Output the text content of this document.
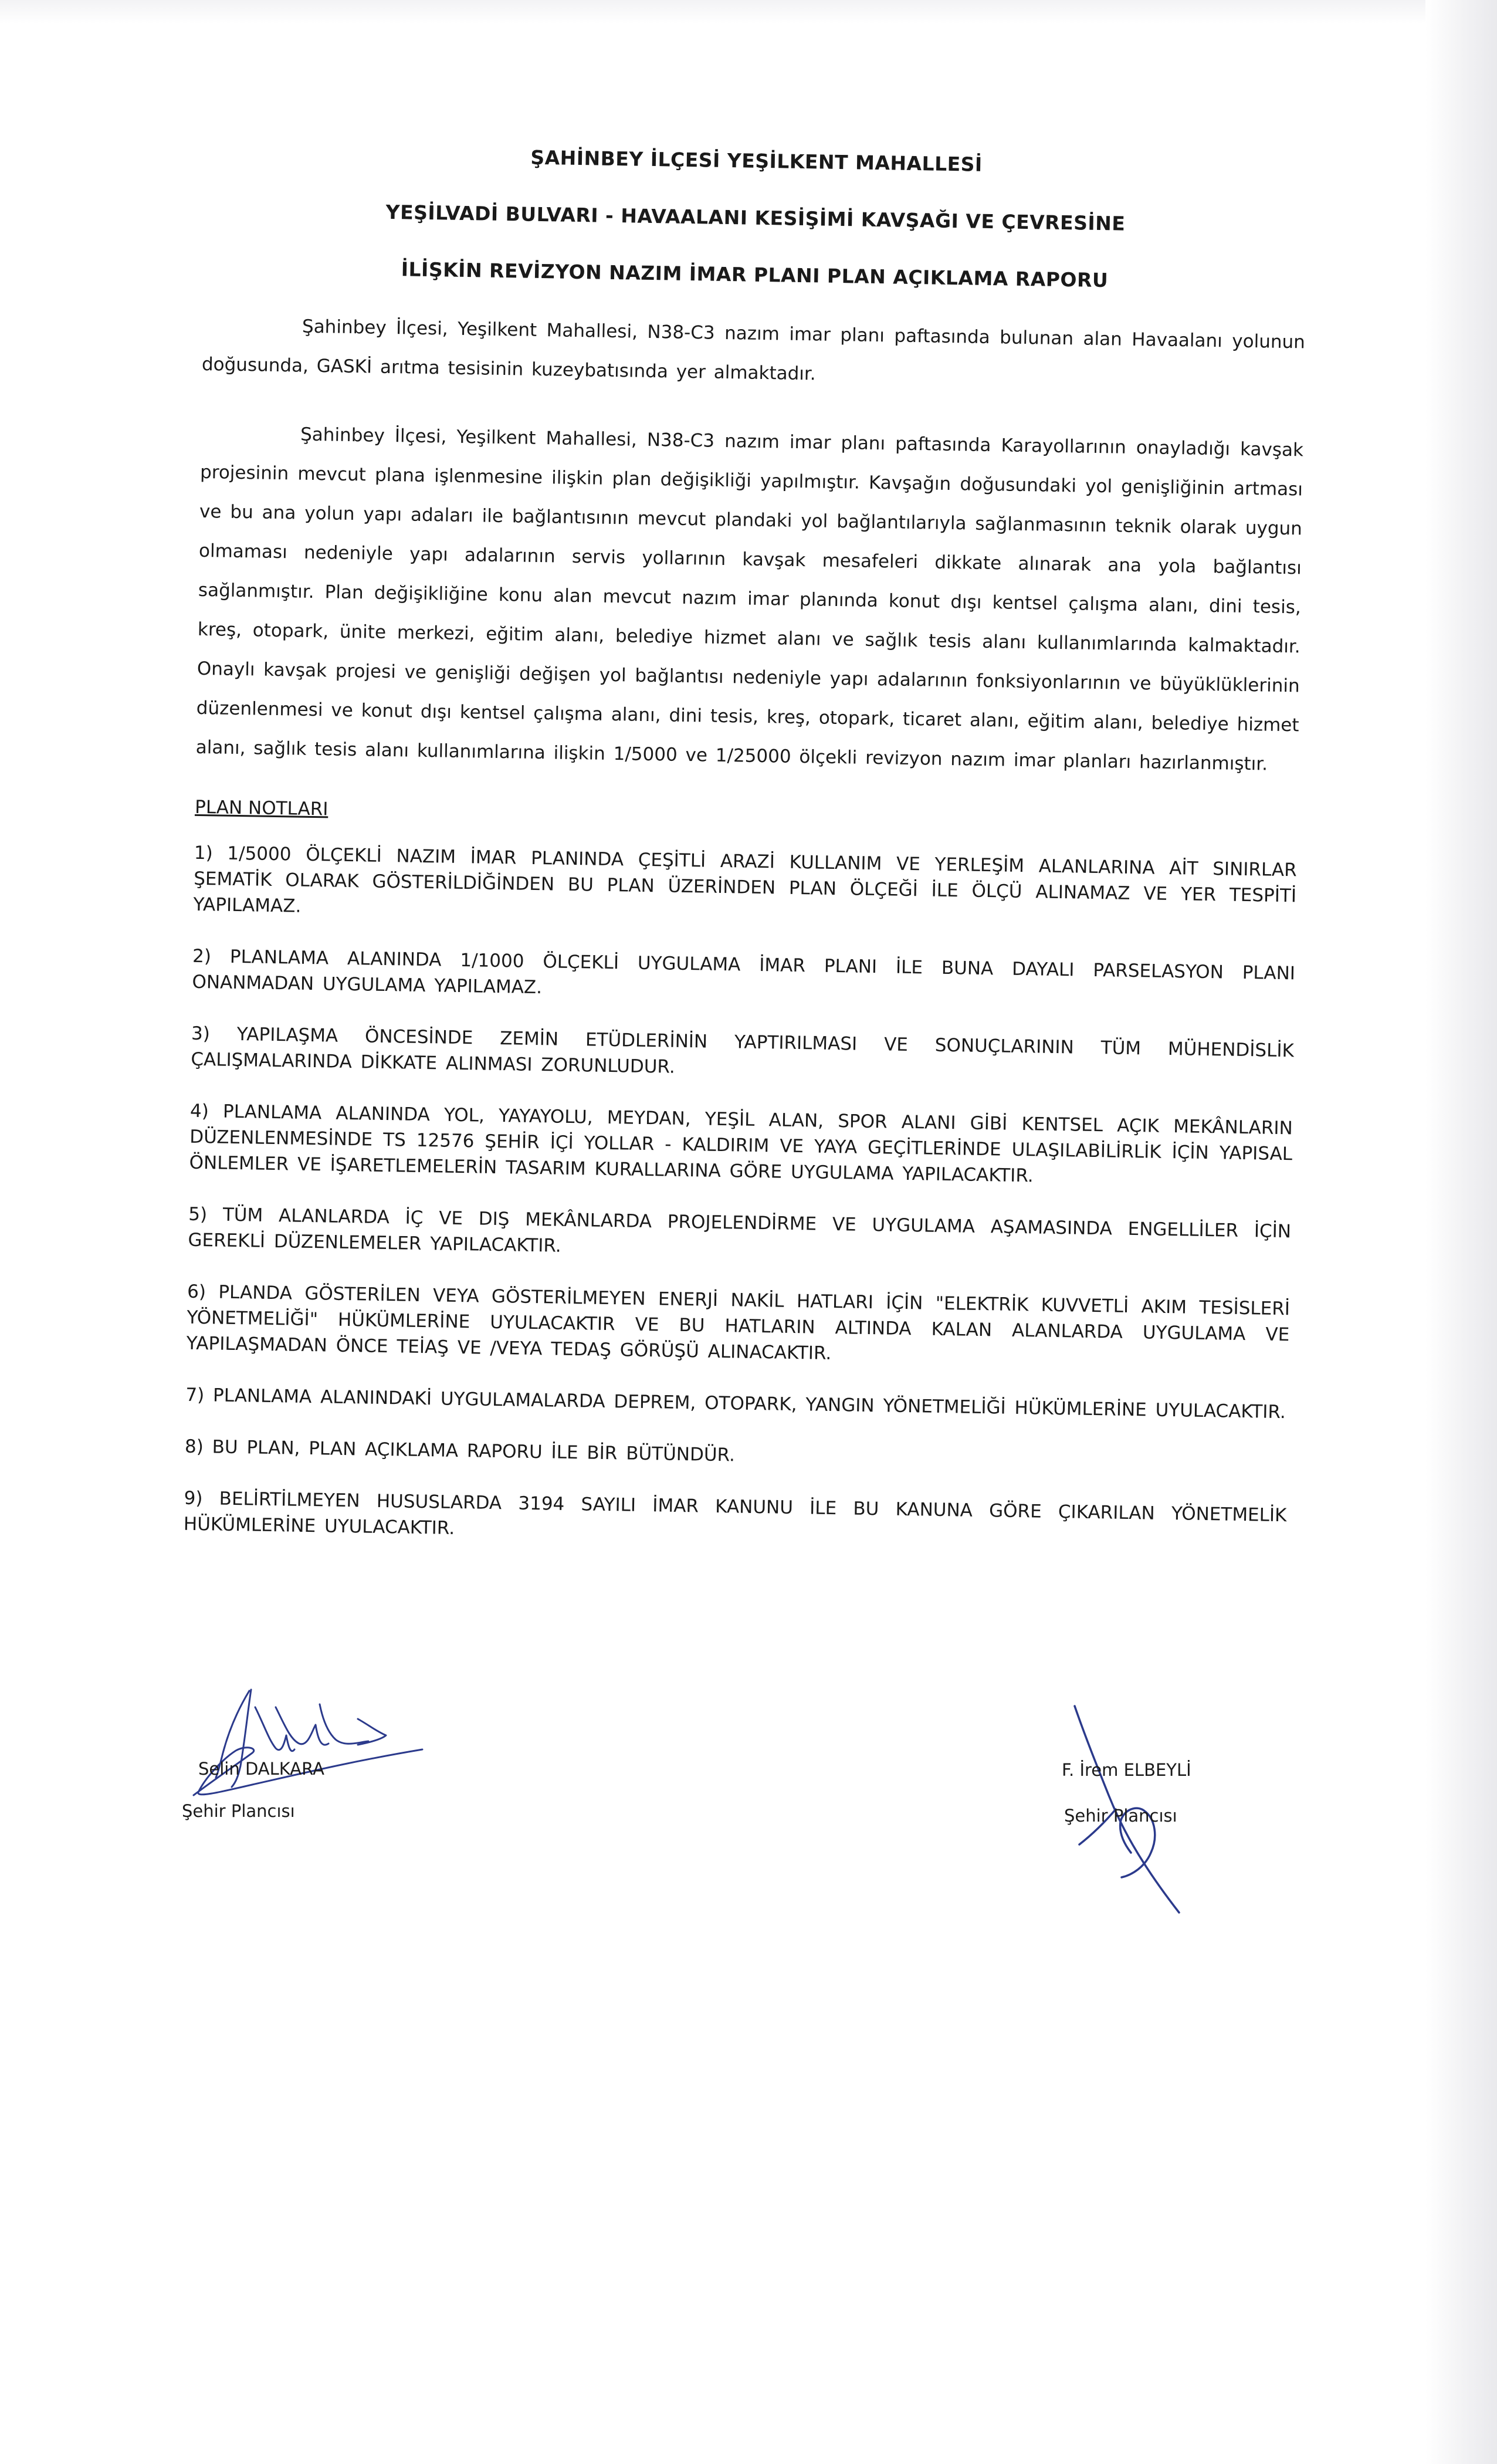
ŞAHİNBEY İLÇESİ YEŞİLKENT MAHALLESİ
YEŞİLVADİ BULVARI - HAVAALANI KESİŞİMİ KAVŞAĞI VE ÇEVRESİNE
İLİŞKİN REVİZYON NAZIM İMAR PLANI PLAN AÇIKLAMA RAPORU

Şahinbey İlçesi, Yeşilkent Mahallesi, N38-C3 nazım imar planı paftasında bulunan alan Havaalanı yolunun doğusunda, GASKİ arıtma tesisinin kuzeybatısında yer almaktadır.

Şahinbey İlçesi, Yeşilkent Mahallesi, N38-C3 nazım imar planı paftasında Karayollarının onayladığı kavşak projesinin mevcut plana işlenmesine ilişkin plan değişikliği yapılmıştır. Kavşağın doğusundaki yol genişliğinin artması ve bu ana yolun yapı adaları ile bağlantısının mevcut plandaki yol bağlantılarıyla sağlanmasının teknik olarak uygun olmaması nedeniyle yapı adalarının servis yollarının kavşak mesafeleri dikkate alınarak ana yola bağlantısı sağlanmıştır. Plan değişikliğine konu alan mevcut nazım imar planında konut dışı kentsel çalışma alanı, dini tesis, kreş, otopark, ünite merkezi, eğitim alanı, belediye hizmet alanı ve sağlık tesis alanı kullanımlarında kalmaktadır. Onaylı kavşak projesi ve genişliği değişen yol bağlantısı nedeniyle yapı adalarının fonksiyonlarının ve büyüklüklerinin düzenlenmesi ve konut dışı kentsel çalışma alanı, dini tesis, kreş, otopark, ticaret alanı, eğitim alanı, belediye hizmet alanı, sağlık tesis alanı kullanımlarına ilişkin 1/5000 ve 1/25000 ölçekli revizyon nazım imar planları hazırlanmıştır.

PLAN NOTLARI
1) 1/5000 ÖLÇEKLİ NAZIM İMAR PLANINDA ÇEŞİTLİ ARAZİ KULLANIM VE YERLEŞİM ALANLARINA AİT SINIRLAR ŞEMATİK OLARAK GÖSTERİLDİĞİNDEN BU PLAN ÜZERİNDEN PLAN ÖLÇEĞİ İLE ÖLÇÜ ALINAMAZ VE YER TESPİTİ YAPILAMAZ.
2) PLANLAMA ALANINDA 1/1000 ÖLÇEKLİ UYGULAMA İMAR PLANI İLE BUNA DAYALI PARSELASYON PLANI ONANMADAN UYGULAMA YAPILAMAZ.
3) YAPILAŞMA ÖNCESİNDE ZEMİN ETÜDLERİNİN YAPTIRILMASI VE SONUÇLARININ TÜM MÜHENDİSLİK ÇALIŞMALARINDA DİKKATE ALINMASI ZORUNLUDUR.
4) PLANLAMA ALANINDA YOL, YAYAYOLU, MEYDAN, YEŞİL ALAN, SPOR ALANI GİBİ KENTSEL AÇIK MEKÂNLARIN DÜZENLENMESİNDE TS 12576 ŞEHİR İÇİ YOLLAR - KALDIRIM VE YAYA GEÇİTLERİNDE ULAŞILABİLİRLİK İÇİN YAPISAL ÖNLEMLER VE İŞARETLEMELERİN TASARIM KURALLARINA GÖRE UYGULAMA YAPILACAKTIR.
5) TÜM ALANLARDA İÇ VE DIŞ MEKÂNLARDA PROJELENDİRME VE UYGULAMA AŞAMASINDA ENGELLİLER İÇİN GEREKLİ DÜZENLEMELER YAPILACAKTIR.
6) PLANDA GÖSTERİLEN VEYA GÖSTERİLMEYEN ENERJİ NAKİL HATLARI İÇİN "ELEKTRİK KUVVETLİ AKIM TESİSLERİ YÖNETMELİĞİ" HÜKÜMLERİNE UYULACAKTIR VE BU HATLARIN ALTINDA KALAN ALANLARDA UYGULAMA VE YAPILAŞMADAN ÖNCE TEİAŞ VE /VEYA TEDAŞ GÖRÜŞÜ ALINACAKTIR.
7) PLANLAMA ALANINDAKİ UYGULAMALARDA DEPREM, OTOPARK, YANGIN YÖNETMELİĞİ HÜKÜMLERİNE UYULACAKTIR.
8) BU PLAN, PLAN AÇIKLAMA RAPORU İLE BİR BÜTÜNDÜR.
9) BELİRTİLMEYEN HUSUSLARDA 3194 SAYILI İMAR KANUNU İLE BU KANUNA GÖRE ÇIKARILAN YÖNETMELİK HÜKÜMLERİNE UYULACAKTIR.
Selin DALKARA
Şehir Plancısı
F. İrem ELBEYLİ
Şehir Plancısı
